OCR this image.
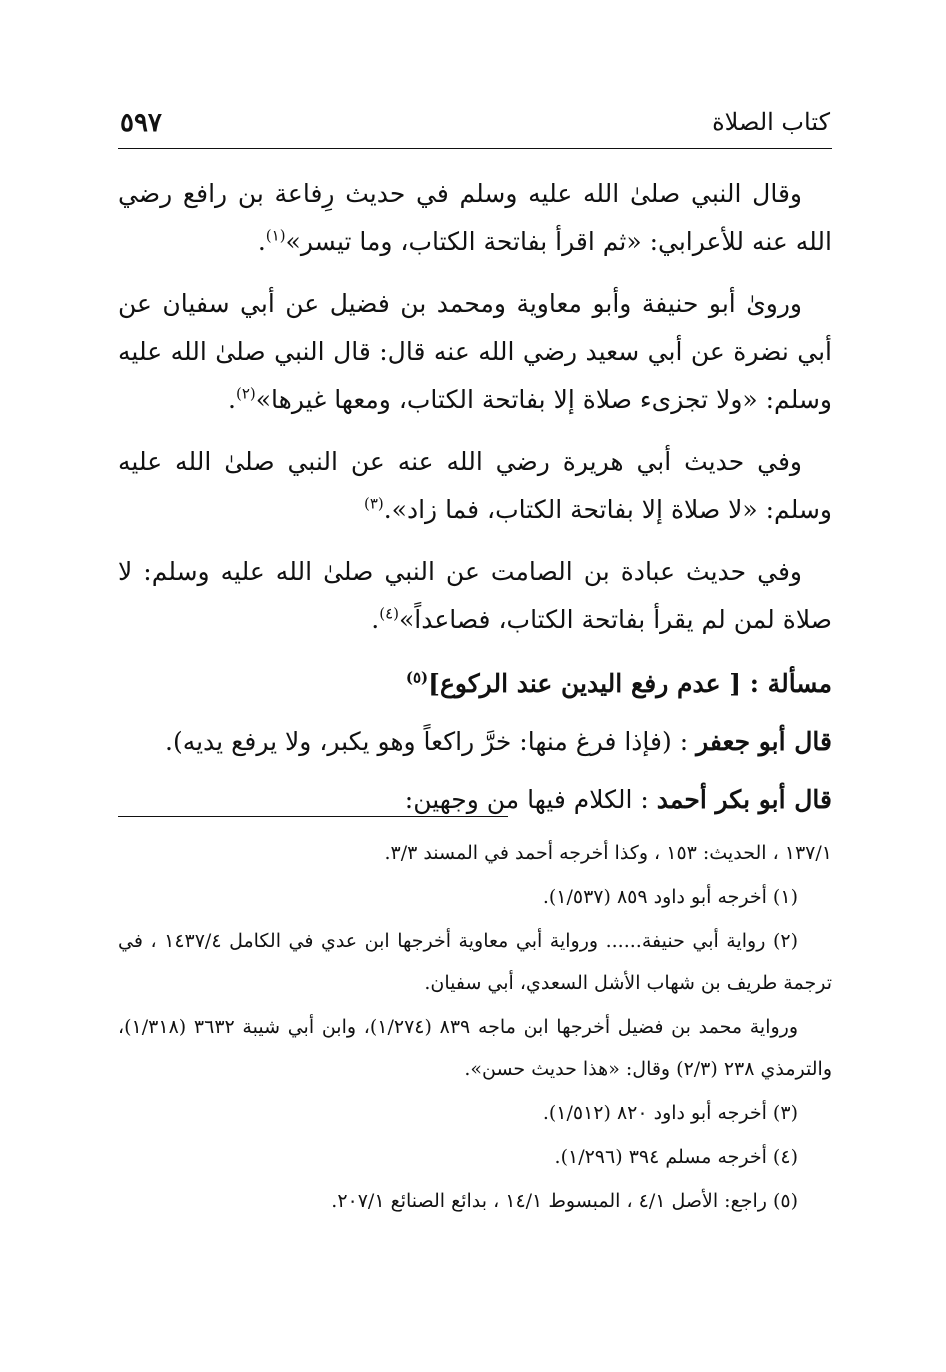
كتاب الصلاة
٥٩٧

وقال النبي صلىٰ الله عليه وسلم في حديث رِفاعة بن رافع رضي الله عنه للأعرابي: «ثم اقرأ بفاتحة الكتاب، وما تيسر»$^{(١)}$.

ورویٰ أبو حنيفة وأبو معاوية ومحمد بن فضيل عن أبي سفيان عن أبي نضرة عن أبي سعيد رضي الله عنه قال: قال النبي صلىٰ الله عليه وسلم: «ولا تجزىء صلاة إلا بفاتحة الكتاب، ومعها غيرها»$^{(٢)}$.

وفي حديث أبي هريرة رضي الله عنه عن النبي صلىٰ الله عليه وسلم: «لا صلاة إلا بفاتحة الكتاب، فما زاد».$^{(٣)}$

وفي حديث عبادة بن الصامت عن النبي صلىٰ الله عليه وسلم: لا صلاة لمن لم يقرأ بفاتحة الكتاب، فصاعداً»$^{(٤)}$.

مسألة : [ عدم رفع اليدين عند الركوع]$^{(٥)}$

قال أبو جعفر : (فإذا فرغ منها: خرَّ راكعاً وهو يكبر، ولا يرفع يديه).

قال أبو بكر أحمد : الكلام فيها من وجهين:

١٣٧/١ ، الحديث: ١٥٣ ، وكذا أخرجه أحمد في المسند ٣/٣.

(١) أخرجه أبو داود ٨٥٩ (١/٥٣٧).

(٢) رواية أبي حنيفة...... ورواية أبي معاوية أخرجها ابن عدي في الكامل ١٤٣٧/٤ ، في ترجمة طريف بن شهاب الأشل السعدي، أبي سفيان.

ورواية محمد بن فضيل أخرجها ابن ماجه ٨٣٩ (١/٢٧٤)، وابن أبي شيبة ٣٦٣٢ (١/٣١٨)، والترمذي ٢٣٨ (٢/٣) وقال: «هذا حديث حسن».

(٣) أخرجه أبو داود ٨٢٠ (١/٥١٢).

(٤) أخرجه مسلم ٣٩٤ (١/٢٩٦).

(٥) راجع: الأصل ٤/١ ، المبسوط ١٤/١ ، بدائع الصنائع ٢٠٧/١.
